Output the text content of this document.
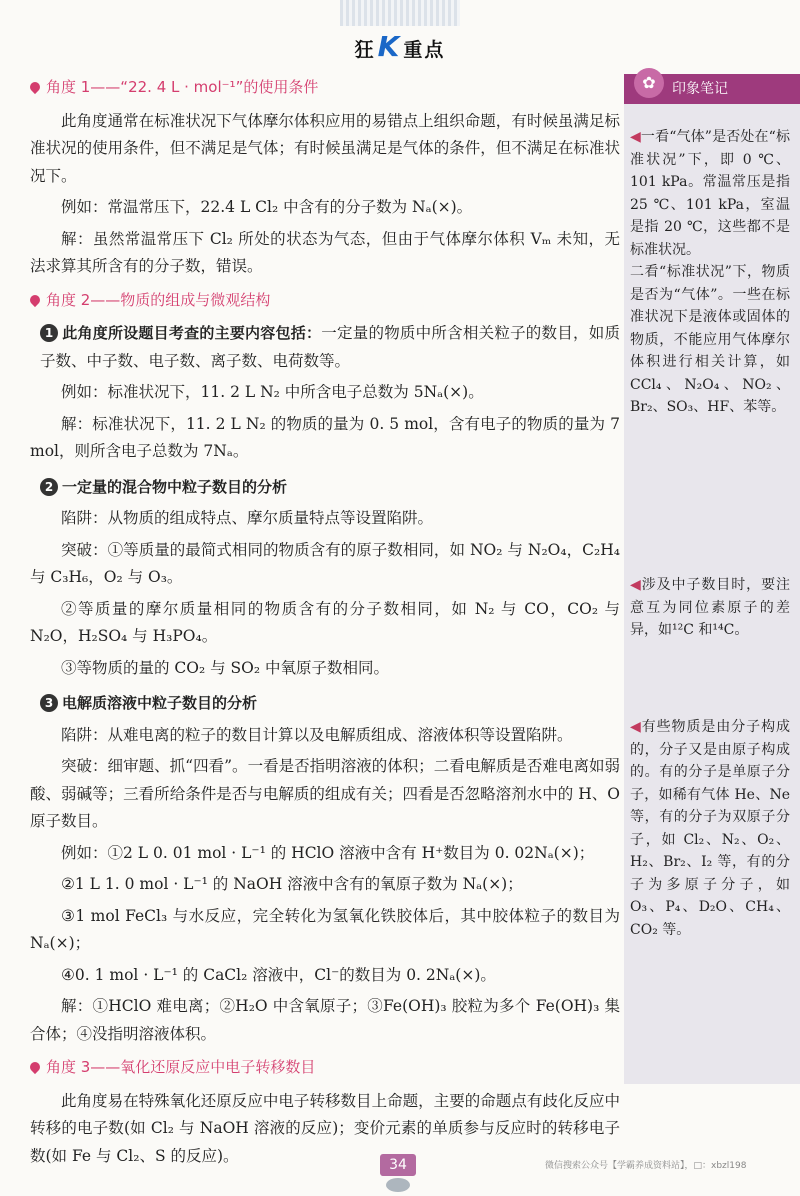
狂K 重点
角度 1——“22. 4 L · mol⁻¹”的使用条件

此角度通常在标准状况下气体摩尔体积应用的易错点上组织命题，有时候虽满足标准状况的使用条件，但不满足是气体；有时候虽满足是气体的条件，但不满足在标准状况下。

例如：常温常压下，22.4 L Cl₂ 中含有的分子数为 Nₐ(×)。

解：虽然常温常压下 Cl₂ 所处的状态为气态，但由于气体摩尔体积 Vₘ 未知，无法求算其所含有的分子数，错误。

角度 2——物质的组成与微观结构

1 此角度所设题目考查的主要内容包括：一定量的物质中所含相关粒子的数目，如质子数、中子数、电子数、离子数、电荷数等。

例如：标准状况下，11. 2 L N₂ 中所含电子总数为 5Nₐ(×)。

解：标准状况下，11. 2 L N₂ 的物质的量为 0. 5 mol，含有电子的物质的量为 7 mol，则所含电子总数为 7Nₐ。

2 一定量的混合物中粒子数目的分析

陷阱：从物质的组成特点、摩尔质量特点等设置陷阱。

突破：①等质量的最简式相同的物质含有的原子数相同，如 NO₂ 与 N₂O₄，C₂H₄ 与 C₃H₆，O₂ 与 O₃。

②等质量的摩尔质量相同的物质含有的分子数相同，如 N₂ 与 CO，CO₂ 与 N₂O，H₂SO₄ 与 H₃PO₄。

③等物质的量的 CO₂ 与 SO₂ 中氧原子数相同。

3 电解质溶液中粒子数目的分析

陷阱：从难电离的粒子的数目计算以及电解质组成、溶液体积等设置陷阱。

突破：细审题、抓“四看”。一看是否指明溶液的体积；二看电解质是否难电离如弱酸、弱碱等；三看所给条件是否与电解质的组成有关；四看是否忽略溶剂水中的 H、O 原子数目。

例如：①2 L 0. 01 mol · L⁻¹ 的 HClO 溶液中含有 H⁺数目为 0. 02Nₐ(×)；

②1 L 1. 0 mol · L⁻¹ 的 NaOH 溶液中含有的氧原子数为 Nₐ(×)；

③1 mol FeCl₃ 与水反应，完全转化为氢氧化铁胶体后，其中胶体粒子的数目为 Nₐ(×)；

④0. 1 mol · L⁻¹ 的 CaCl₂ 溶液中，Cl⁻的数目为 0. 2Nₐ(×)。

解：①HClO 难电离；②H₂O 中含氧原子；③Fe(OH)₃ 胶粒为多个 Fe(OH)₃ 集合体；④没指明溶液体积。

角度 3——氧化还原反应中电子转移数目

此角度易在特殊氧化还原反应中电子转移数目上命题，主要的命题点有歧化反应中转移的电子数(如 Cl₂ 与 NaOH 溶液的反应)；变价元素的单质参与反应时的转移电子数(如 Fe 与 Cl₂、S 的反应)。

✿	印象笔记
◀一看“气体”是否处在“标准状况”下，即 0 ℃、101 kPa。常温常压是指 25 ℃、101 kPa，室温是指 20 ℃，这些都不是标准状况。
二看“标准状况”下，物质是否为“气体”。一些在标准状况下是液体或固体的物质，不能应用气体摩尔体积进行相关计算，如 CCl₄、N₂O₄、NO₂、Br₂、SO₃、HF、苯等。
◀涉及中子数目时，要注意互为同位素原子的差异，如¹²C 和¹⁴C。
◀有些物质是由分子构成的，分子又是由原子构成的。有的分子是单原子分子，如稀有气体 He、Ne 等，有的分子为双原子分子，如 Cl₂、N₂、O₂、H₂、Br₂、I₂ 等，有的分子为多原子分子，如 O₃、P₄、D₂O、CH₄、CO₂ 等。
34	微信搜索公众号【学霸养成资料站】，□：xbzl198
